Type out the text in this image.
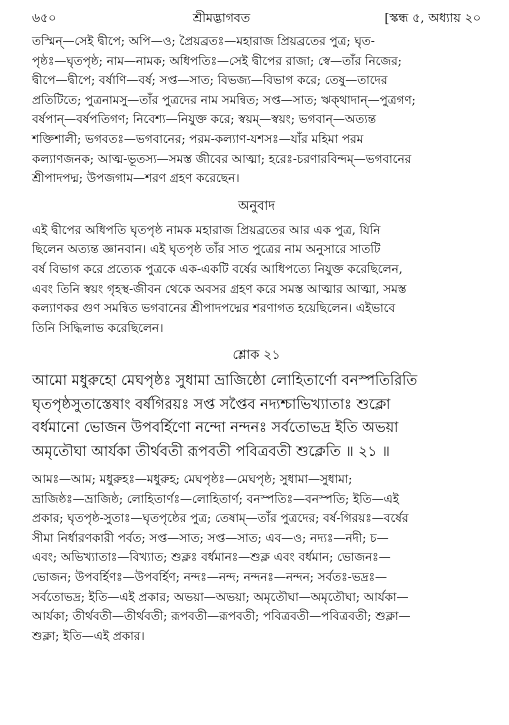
৬৫০	শ্রীমদ্ভাগবত	[স্কন্ধ ৫, অধ্যায় ২০

তস্মিন্—সেই দ্বীপে; অপি—ও; প্রৈয়ব্রতঃ—মহারাজ প্রিয়ব্রতের পুত্র; ঘৃত-

পৃষ্ঠঃ—ঘৃতপৃষ্ঠ; নাম—নামক; অধিপতিঃ—সেই দ্বীপের রাজা; স্বে—তাঁর নিজের;

দ্বীপে—দ্বীপে; বর্ষাণি—বর্ষ; সপ্ত—সাত; বিভজ্য—বিভাগ করে; তেষু—তাদের

প্রতিটিতে; পুত্রনামসু—তাঁর পুত্রদের নাম সমন্বিত; সপ্ত—সাত; ঋক্থাদান্—পুত্রগণ;

বর্ষপান্—বর্ষপতিগণ; নিবেশ্য—নিযুক্ত করে; স্বয়ম্—স্বয়ং; ভগবান্—অত্যন্ত

শক্তিশালী; ভগবতঃ—ভগবানের; পরম-কল্যাণ-যশসঃ—যাঁর মহিমা পরম

কল্যাণজনক; আত্ম-ভূতস্য—সমস্ত জীবের আত্মা; হরেঃ-চরণারবিন্দম্—ভগবানের

শ্রীপাদপদ্ম; উপজগাম—শরণ গ্রহণ করেছেন।

অনুবাদ

এই দ্বীপের অধিপতি ঘৃতপৃষ্ঠ নামক মহারাজ প্রিয়ব্রতের আর এক পুত্র, যিনি

ছিলেন অত্যন্ত জ্ঞানবান। এই ঘৃতপৃষ্ঠ তাঁর সাত পুত্রের নাম অনুসারে সাতটি

বর্ষ বিভাগ করে প্রত্যেক পুত্রকে এক-একটি বর্ষের আধিপত্যে নিযুক্ত করেছিলেন,

এবং তিনি স্বয়ং গৃহস্থ-জীবন থেকে অবসর গ্রহণ করে সমস্ত আত্মার আত্মা, সমস্ত

কল্যাণকর গুণ সমন্বিত ভগবানের শ্রীপাদপদ্মের শরণাগত হয়েছিলেন। এইভাবে

তিনি সিদ্ধিলাভ করেছিলেন।

শ্লোক ২১

আমো মধুরুহো মেঘপৃষ্ঠঃ সুধামা ভ্রাজিষ্ঠো লোহিতার্ণো বনস্পতিরিতি

ঘৃতপৃষ্ঠসুতাস্তেষাং বর্ষগিরয়ঃ সপ্ত সপ্তৈব নদ্যশ্চাভিখ্যাতাঃ শুক্লো

বর্ধমানো ভোজন উপবর্হিণো নন্দো নন্দনঃ সর্বতোভদ্র ইতি অভয়া

অমৃতৌঘা আর্যকা তীর্থবতী রূপবতী পবিত্রবতী শুক্লেতি ॥ ২১ ॥

আমঃ—আম; মধুরুহঃ—মধুরুহ; মেঘপৃষ্ঠঃ—মেঘপৃষ্ঠ; সুধামা—সুধামা;

ভ্রাজিষ্ঠঃ—ভ্রাজিষ্ঠ; লোহিতার্ণঃ—লোহিতার্ণ; বনস্পতিঃ—বনস্পতি; ইতি—এই

প্রকার; ঘৃতপৃষ্ঠ-সুতাঃ—ঘৃতপৃষ্ঠের পুত্র; তেষাম্—তাঁর পুত্রদের; বর্ষ-গিরয়ঃ—বর্ষের

সীমা নির্ধারণকারী পর্বত; সপ্ত—সাত; সপ্ত—সাত; এব—ও; নদ্যঃ—নদী; চ—

এবং; অভিখ্যাতাঃ—বিখ্যাত; শুক্লঃ বর্ধমানঃ—শুক্ল এবং বর্ধমান; ভোজনঃ—

ভোজন; উপবর্হিণঃ—উপবর্হিণ; নন্দঃ—নন্দ; নন্দনঃ—নন্দন; সর্বতঃ-ভদ্রঃ—

সর্বতোভদ্র; ইতি—এই প্রকার; অভয়া—অভয়া; অমৃতৌঘা—অমৃতৌঘা; আর্যকা—

আর্যকা; তীর্থবতী—তীর্থবতী; রূপবতী—রূপবতী; পবিত্রবতী—পবিত্রবতী; শুক্লা—

শুক্লা; ইতি—এই প্রকার।
